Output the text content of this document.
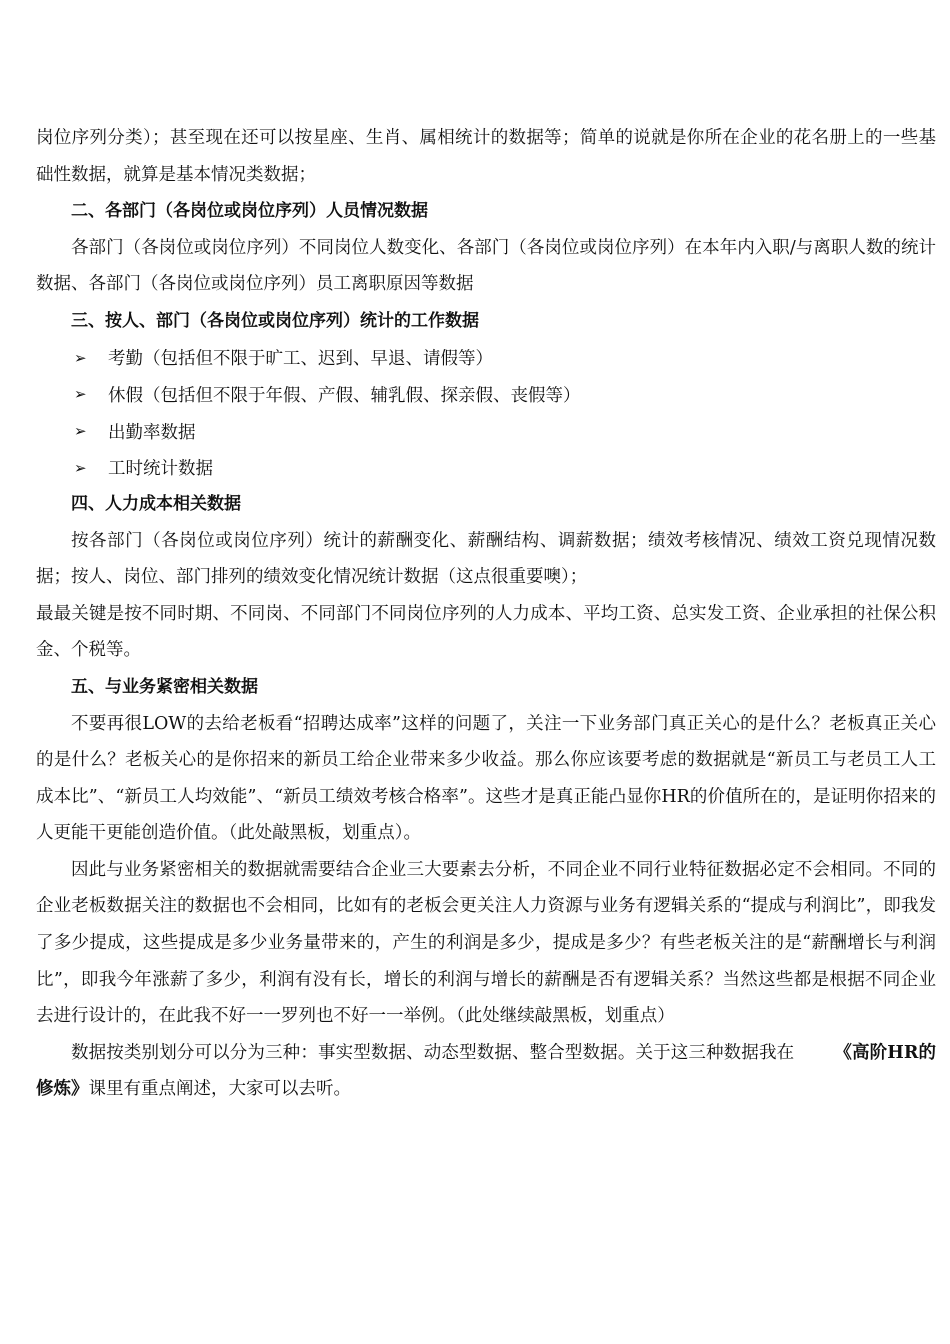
岗位序列分类）；甚至现在还可以按星座、生肖、属相统计的数据等；简单的说就是你所在企业的花名册上的一些基础性数据，就算是基本情况类数据；

二、各部门（各岗位或岗位序列）人员情况数据

各部门（各岗位或岗位序列）不同岗位人数变化、各部门（各岗位或岗位序列）在本年内入职/与离职人数的统计数据、各部门（各岗位或岗位序列）员工离职原因等数据

三、按人、部门（各岗位或岗位序列）统计的工作数据

➢	考勤（包括但不限于旷工、迟到、早退、请假等）
➢	休假（包括但不限于年假、产假、辅乳假、探亲假、丧假等）
➢	出勤率数据
➢	工时统计数据

四、人力成本相关数据

按各部门（各岗位或岗位序列）统计的薪酬变化、薪酬结构、调薪数据；绩效考核情况、绩效工资兑现情况数据；按人、岗位、部门排列的绩效变化情况统计数据（这点很重要噢）；

最最关键是按不同时期、不同岗、不同部门不同岗位序列的人力成本、平均工资、总实发工资、企业承担的社保公积金、个税等。

五、与业务紧密相关数据

不要再很LOW的去给老板看“招聘达成率”这样的问题了，关注一下业务部门真正关心的是什么？老板真正关心的是什么？老板关心的是你招来的新员工给企业带来多少收益。那么你应该要考虑的数据就是“新员工与老员工人工成本比”、“新员工人均效能”、“新员工绩效考核合格率”。这些才是真正能凸显你HR的价值所在的，是证明你招来的人更能干更能创造价值。（此处敲黑板，划重点）。

因此与业务紧密相关的数据就需要结合企业三大要素去分析，不同企业不同行业特征数据必定不会相同。不同的企业老板数据关注的数据也不会相同，比如有的老板会更关注人力资源与业务有逻辑关系的“提成与利润比”，即我发了多少提成，这些提成是多少业务量带来的，产生的利润是多少，提成是多少？有些老板关注的是“薪酬增长与利润比”，即我今年涨薪了多少，利润有没有长，增长的利润与增长的薪酬是否有逻辑关系？当然这些都是根据不同企业去进行设计的，在此我不好一一罗列也不好一一举例。（此处继续敲黑板，划重点）

数据按类别划分可以分为三种：事实型数据、动态型数据、整合型数据。关于这三种数据我在 《高阶HR的修炼》课里有重点阐述，大家可以去听。
